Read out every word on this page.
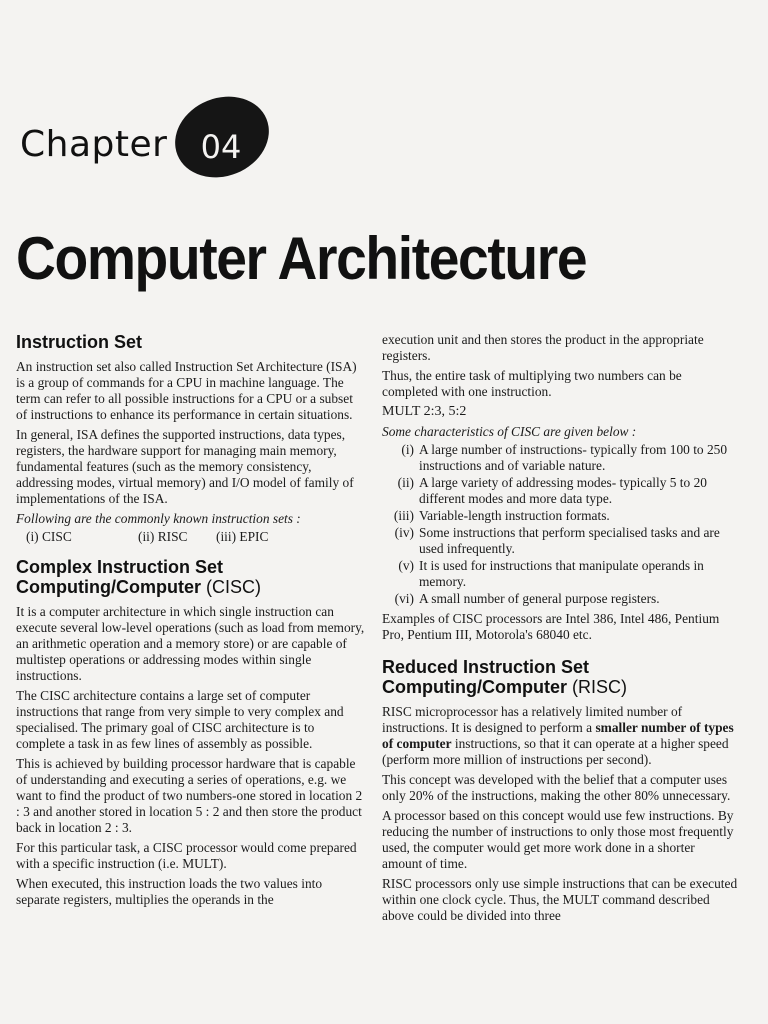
Chapter	04
Computer Architecture
Instruction Set

An instruction set also called Instruction Set Architecture (ISA) is a group of commands for a CPU in machine language. The term can refer to all possible instructions for a CPU or a subset of instructions to enhance its performance in certain situations.

In general, ISA defines the supported instructions, data types, registers, the hardware support for managing main memory, fundamental features (such as the memory consistency, addressing modes, virtual memory) and I/O model of family of implementations of the ISA.

Following are the commonly known instruction sets :

(i) CISC	(ii) RISC	(iii) EPIC
Complex Instruction Set
Computing/Computer (CISC)

It is a computer architecture in which single instruction can execute several low-level operations (such as load from memory, an arithmetic operation and a memory store) or are capable of multistep operations or addressing modes within single instructions.

The CISC architecture contains a large set of computer instructions that range from very simple to very complex and specialised. The primary goal of CISC architecture is to complete a task in as few lines of assembly as possible.

This is achieved by building processor hardware that is capable of understanding and executing a series of operations, e.g. we want to find the product of two numbers-one stored in location 2 : 3 and another stored in location 5 : 2 and then store the product back in location 2 : 3.

For this particular task, a CISC processor would come prepared with a specific instruction (i.e. MULT).

When executed, this instruction loads the two values into separate registers, multiplies the operands in the

execution unit and then stores the product in the appropriate registers.

Thus, the entire task of multiplying two numbers can be completed with one instruction.

MULT 2:3, 5:2

Some characteristics of CISC are given below :

(i) A large number of instructions- typically from 100 to 250 instructions and of variable nature.
(ii) A large variety of addressing modes- typically 5 to 20 different modes and more data type.
(iii) Variable-length instruction formats.
(iv) Some instructions that perform specialised tasks and are used infrequently.
(v) It is used for instructions that manipulate operands in memory.
(vi) A small number of general purpose registers.

Examples of CISC processors are Intel 386, Intel 486, Pentium Pro, Pentium III, Motorola's 68040 etc.

Reduced Instruction Set
Computing/Computer (RISC)

RISC microprocessor has a relatively limited number of instructions. It is designed to perform a smaller number of types of computer instructions, so that it can operate at a higher speed (perform more million of instructions per second).

This concept was developed with the belief that a computer uses only 20% of the instructions, making the other 80% unnecessary.

A processor based on this concept would use few instructions. By reducing the number of instructions to only those most frequently used, the computer would get more work done in a shorter amount of time.

RISC processors only use simple instructions that can be executed within one clock cycle. Thus, the MULT command described above could be divided into three
